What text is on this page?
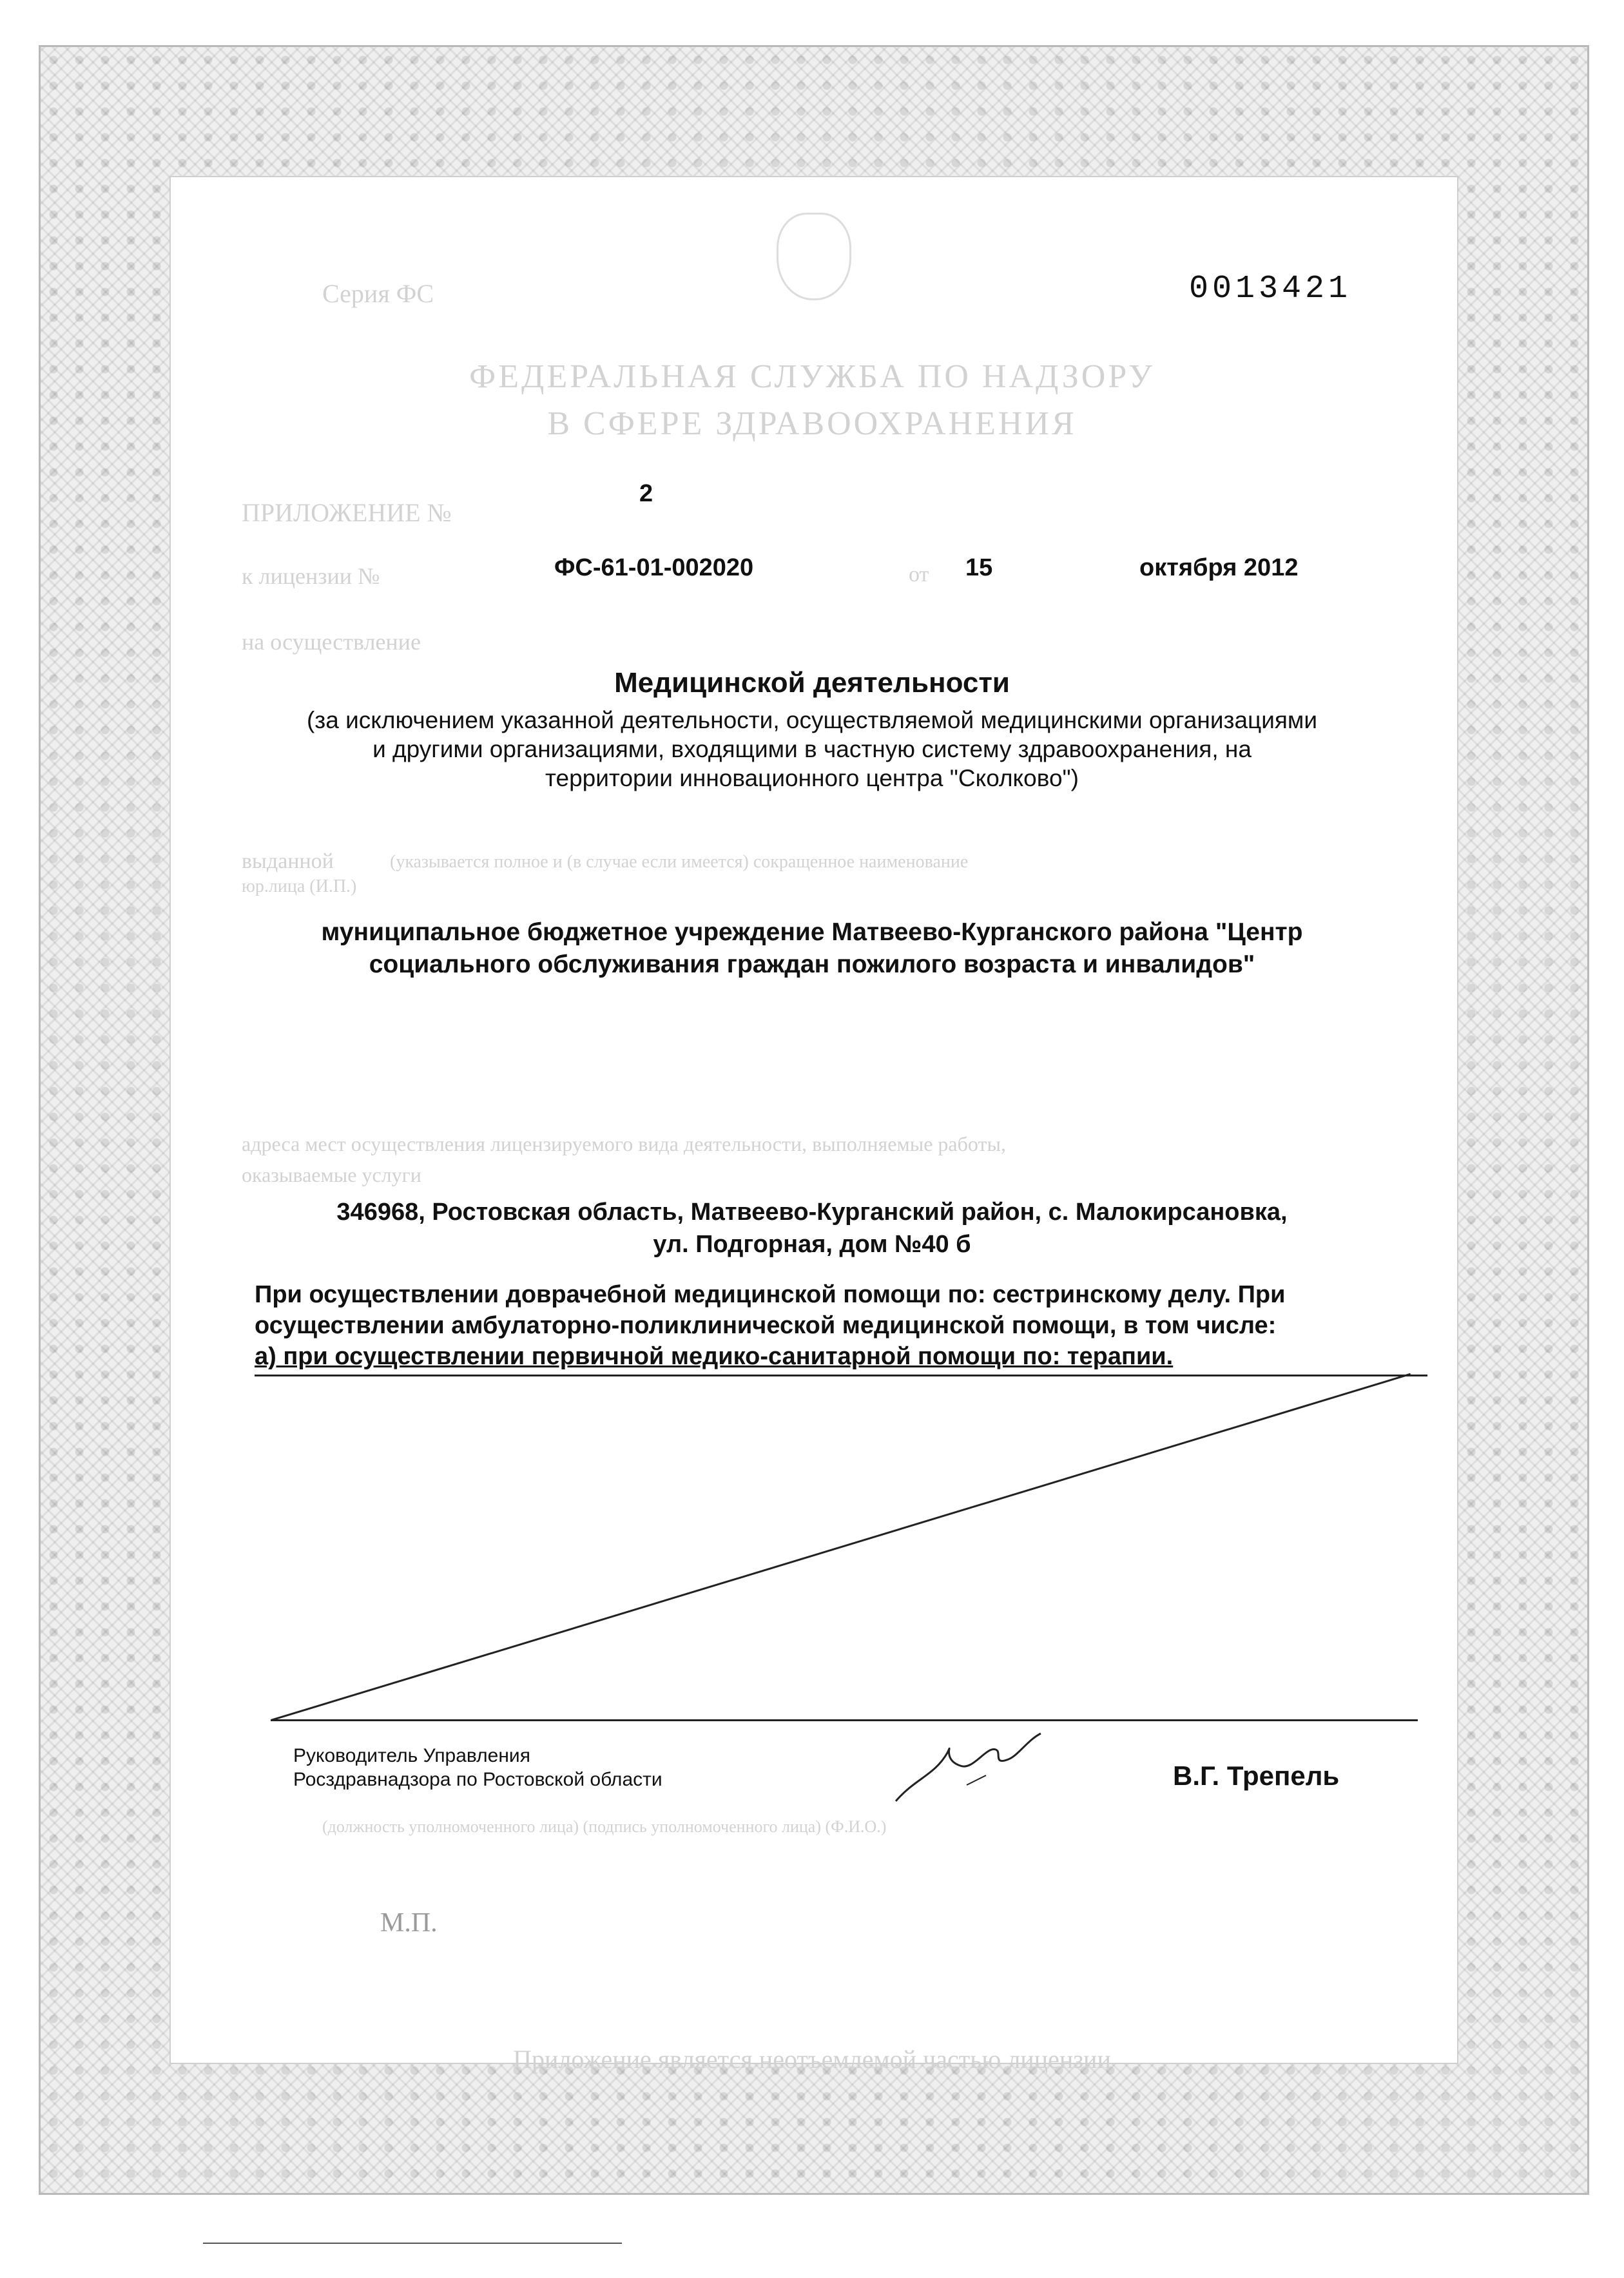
Серия ФС	0013421
ФЕДЕРАЛЬНАЯ СЛУЖБА ПО НАДЗОРУ
В СФЕРЕ ЗДРАВООХРАНЕНИЯ
ПРИЛОЖЕНИЕ №
2
к лицензии №	ФС-61-01-002020	от 15	октября 2012
на осуществление
Медицинской деятельности
(за исключением указанной деятельности, осуществляемой медицинскими организациями
и другими организациями, входящими в частную систему здравоохранения, на
территории инновационного центра "Сколково")
выданной	(указывается полное и (в случае если имеется) сокращенное наименование
юр.лица (И.П.)
муниципальное бюджетное учреждение Матвеево-Курганского района "Центр
социального обслуживания граждан пожилого возраста и инвалидов"
адреса мест осуществления лицензируемого вида деятельности, выполняемые работы,
оказываемые услуги
346968, Ростовская область, Матвеево-Курганский район, с. Малокирсановка,
ул. Подгорная, дом №40 б
При осуществлении доврачебной медицинской помощи по: сестринскому делу. При
осуществлении амбулаторно-поликлинической медицинской помощи, в том числе:
а) при осуществлении первичной медико-санитарной помощи по: терапии.
Руководитель Управления
Росздравнадзора по Ростовской области	В.Г. Трепель
(должность уполномоченного лица) (подпись уполномоченного лица) (Ф.И.О.)
М.П.
Приложение является неотъемлемой частью лицензии
